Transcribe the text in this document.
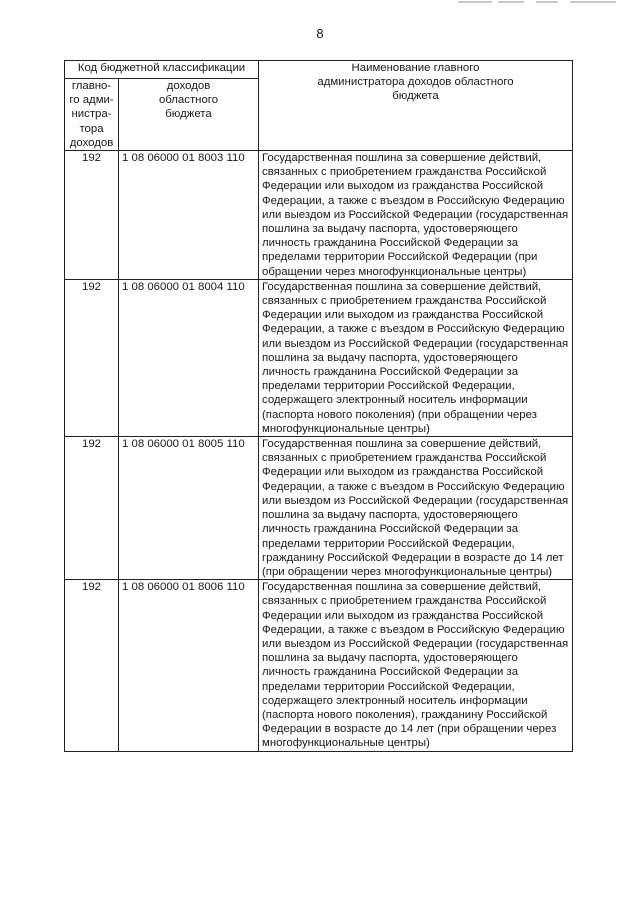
8
Код бюджетной классификации		Наименование главного администратора доходов областного бюджета

главно-го адми-нистра-тора доходов	доходов областного бюджета	

192	1 08 06000 01 8003 110	Государственная пошлина за совершение действий, связанных с приобретением гражданства Российской Федерации или выходом из гражданства Российской Федерации, а также с въездом в Российскую Федерацию или выездом из Российской Федерации (государственная пошлина за выдачу паспорта, удостоверяющего личность гражданина Российской Федерации за пределами территории Российской Федерации (при обращении через многофункциональные центры)
192	1 08 06000 01 8004 110	Государственная пошлина за совершение действий, связанных с приобретением гражданства Российской Федерации или выходом из гражданства Российской Федерации, а также с въездом в Российскую Федерацию или выездом из Российской Федерации (государственная пошлина за выдачу паспорта, удостоверяющего личность гражданина Российской Федерации за пределами территории Российской Федерации, содержащего электронный носитель информации (паспорта нового поколения) (при обращении через многофункциональные центры)
192	1 08 06000 01 8005 110	Государственная пошлина за совершение действий, связанных с приобретением гражданства Российской Федерации или выходом из гражданства Российской Федерации, а также с въездом в Российскую Федерацию или выездом из Российской Федерации (государственная пошлина за выдачу паспорта, удостоверяющего личность гражданина Российской Федерации за пределами территории Российской Федерации, гражданину Российской Федерации в возрасте до 14 лет (при обращении через многофункциональные центры)
192	1 08 06000 01 8006 110	Государственная пошлина за совершение действий, связанных с приобретением гражданства Российской Федерации или выходом из гражданства Российской Федерации, а также с въездом в Российскую Федерацию или выездом из Российской Федерации (государственная пошлина за выдачу паспорта, удостоверяющего личность гражданина Российской Федерации за пределами территории Российской Федерации, содержащего электронный носитель информации (паспорта нового поколения), гражданину Российской Федерации в возрасте до 14 лет (при обращении через многофункциональные центры)
